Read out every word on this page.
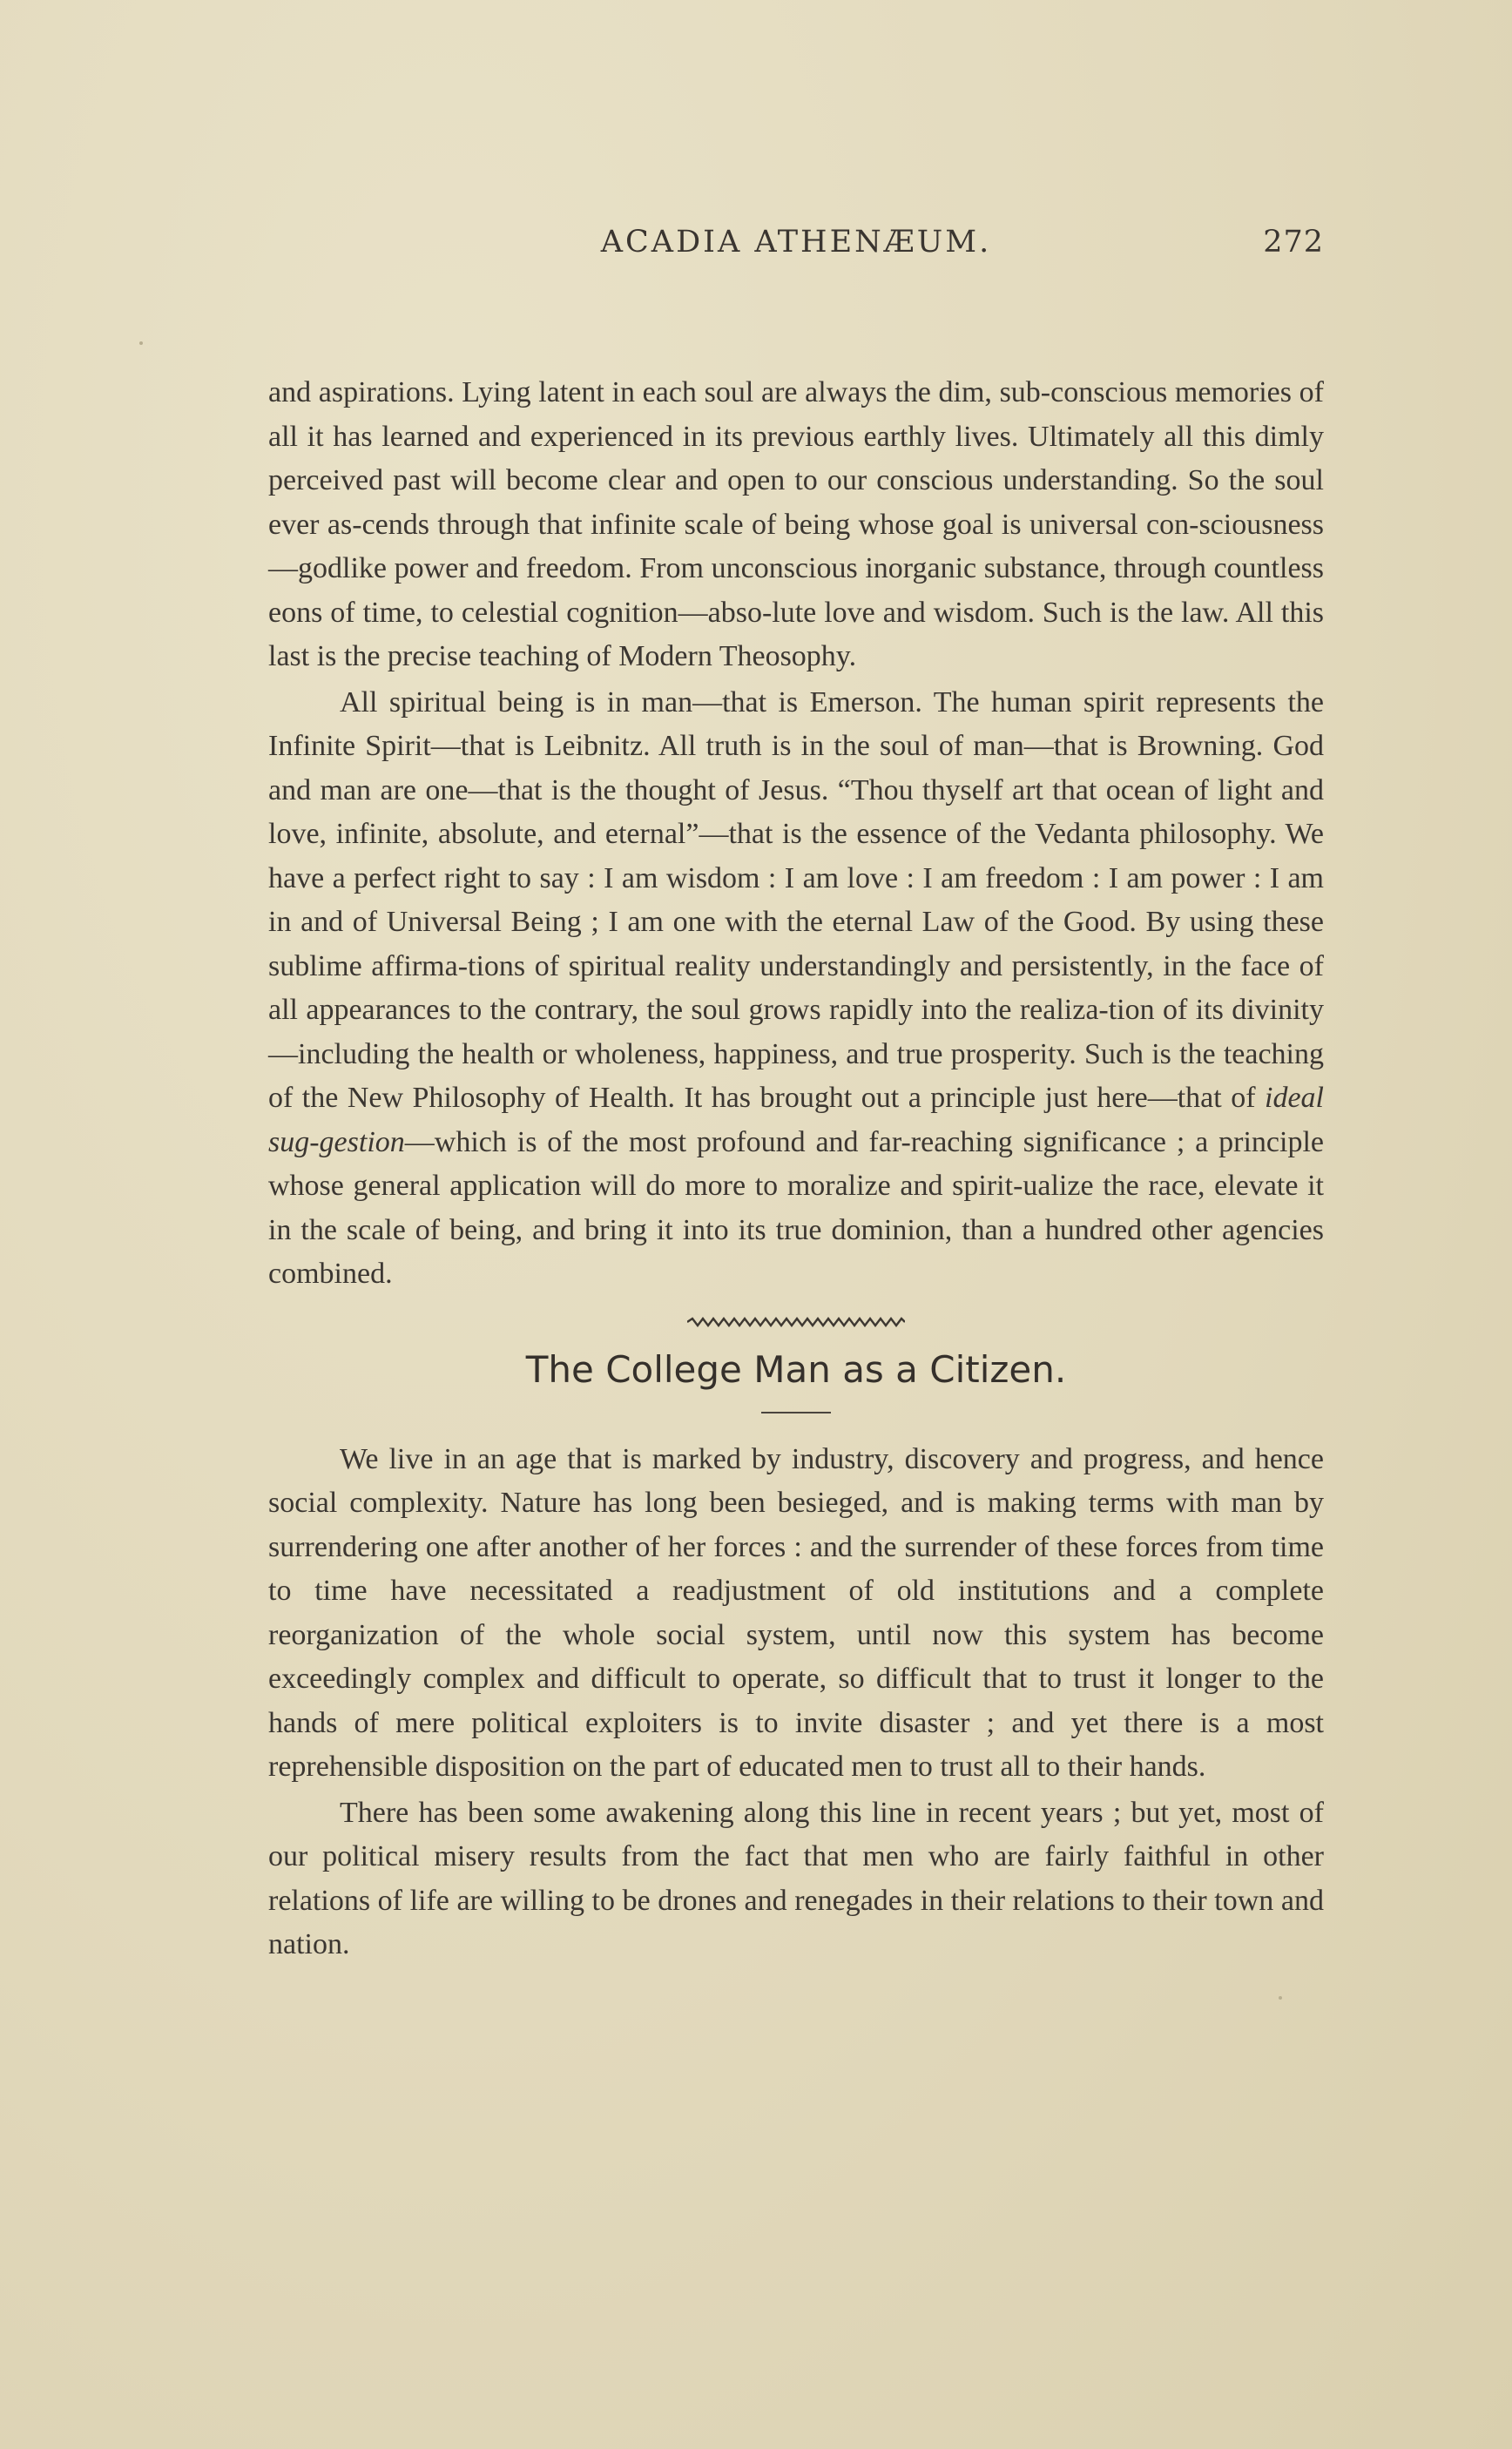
ACADIA ATHENÆUM.	272

and aspirations. Lying latent in each soul are always the dim, sub-conscious memories of all it has learned and experienced in its previous earthly lives. Ultimately all this dimly perceived past will become clear and open to our conscious understanding. So the soul ever as-cends through that infinite scale of being whose goal is universal con-sciousness—godlike power and freedom. From unconscious inorganic substance, through countless eons of time, to celestial cognition—abso-lute love and wisdom. Such is the law. All this last is the precise teaching of Modern Theosophy.

All spiritual being is in man—that is Emerson. The human spirit represents the Infinite Spirit—that is Leibnitz. All truth is in the soul of man—that is Browning. God and man are one—that is the thought of Jesus. “Thou thyself art that ocean of light and love, infinite, absolute, and eternal”—that is the essence of the Vedanta philosophy. We have a perfect right to say : I am wisdom : I am love : I am freedom : I am power : I am in and of Universal Being ; I am one with the eternal Law of the Good. By using these sublime affirma-tions of spiritual reality understandingly and persistently, in the face of all appearances to the contrary, the soul grows rapidly into the realiza-tion of its divinity—including the health or wholeness, happiness, and true prosperity. Such is the teaching of the New Philosophy of Health. It has brought out a principle just here—that of ideal sug-gestion—which is of the most profound and far-reaching significance ; a principle whose general application will do more to moralize and spirit-ualize the race, elevate it in the scale of being, and bring it into its true dominion, than a hundred other agencies combined.

The College Man as a Citizen.

We live in an age that is marked by industry, discovery and progress, and hence social complexity. Nature has long been besieged, and is making terms with man by surrendering one after another of her forces : and the surrender of these forces from time to time have necessitated a readjustment of old institutions and a complete reorganization of the whole social system, until now this system has become exceedingly complex and difficult to operate, so difficult that to trust it longer to the hands of mere political exploiters is to invite disaster ; and yet there is a most reprehensible disposition on the part of educated men to trust all to their hands.

There has been some awakening along this line in recent years ; but yet, most of our political misery results from the fact that men who are fairly faithful in other relations of life are willing to be drones and renegades in their relations to their town and nation.
